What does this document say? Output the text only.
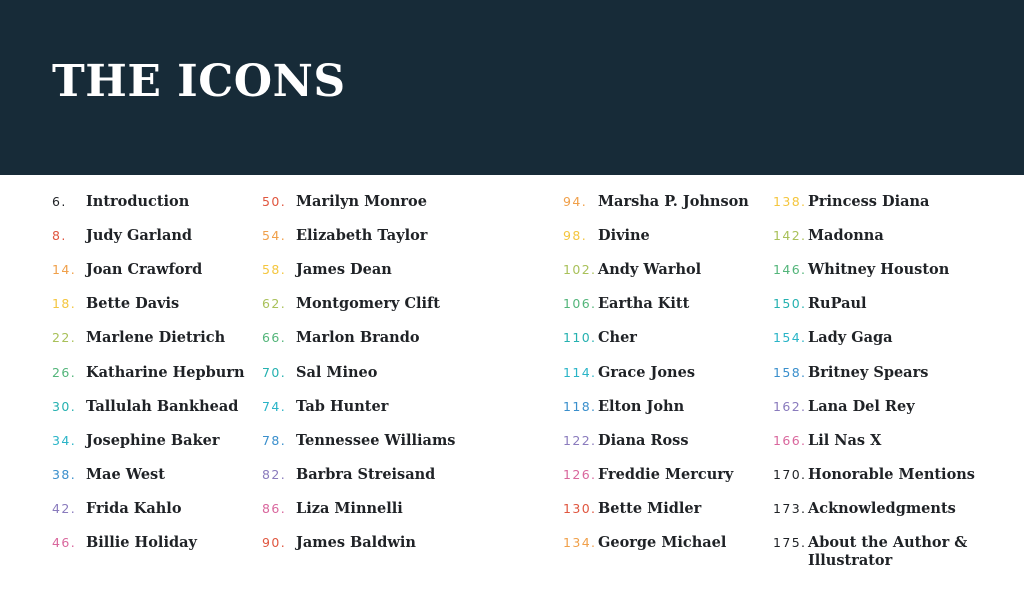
THE ICONS
6.	Introduction
8.	Judy Garland
14. Joan Crawford
18. Bette Davis
22. Marlene Dietrich
26. Katharine Hepburn
30. Tallulah Bankhead
34. Josephine Baker
38. Mae West
42. Frida Kahlo
46. Billie Holiday
50. Marilyn Monroe
54. Elizabeth Taylor
58. James Dean
62. Montgomery Clift
66. Marlon Brando
70. Sal Mineo
74. Tab Hunter
78. Tennessee Williams
82. Barbra Streisand
86. Liza Minnelli
90. James Baldwin
94. Marsha P. Johnson
98. Divine
102. Andy Warhol
106. Eartha Kitt
110. Cher
114. Grace Jones
118. Elton John
122. Diana Ross
126. Freddie Mercury
130. Bette Midler
134. George Michael
138. Princess Diana
142. Madonna
146. Whitney Houston
150. RuPaul
154. Lady Gaga
158. Britney Spears
162. Lana Del Rey
166. Lil Nas X
170. Honorable Mentions
173. Acknowledgments
175. About the Author & Illustrator
